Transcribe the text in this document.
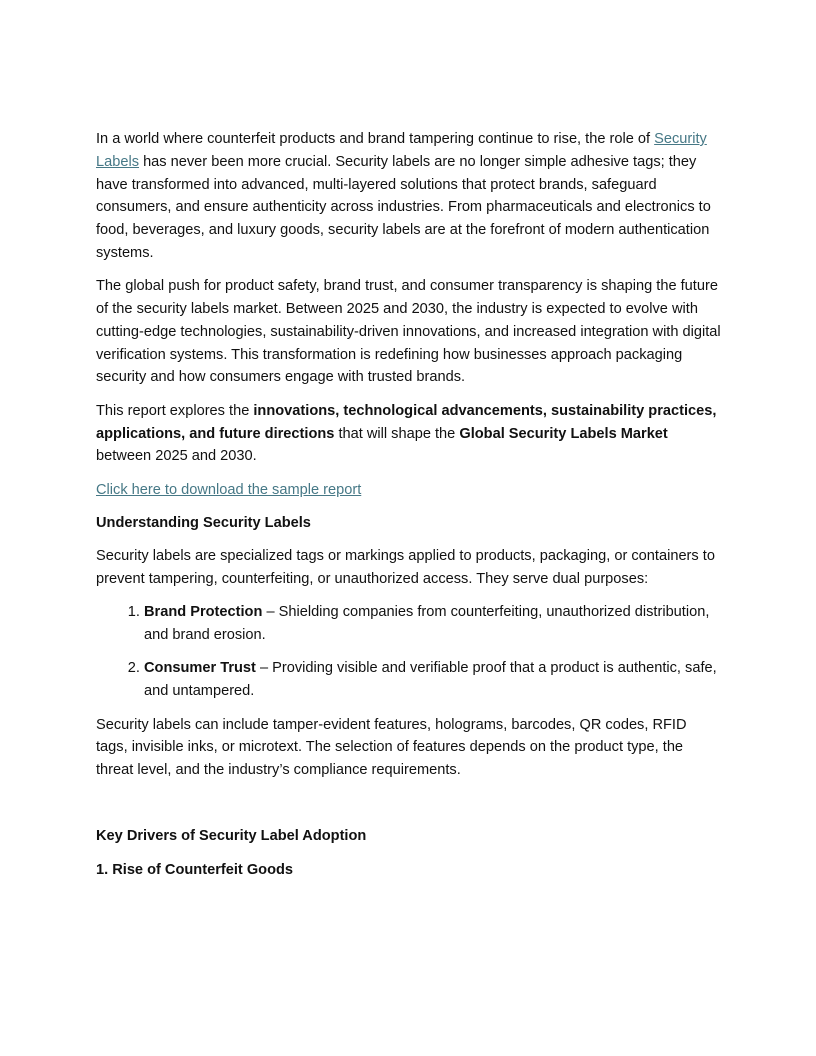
In a world where counterfeit products and brand tampering continue to rise, the role of Security Labels has never been more crucial. Security labels are no longer simple adhesive tags; they have transformed into advanced, multi-layered solutions that protect brands, safeguard consumers, and ensure authenticity across industries. From pharmaceuticals and electronics to food, beverages, and luxury goods, security labels are at the forefront of modern authentication systems.

The global push for product safety, brand trust, and consumer transparency is shaping the future of the security labels market. Between 2025 and 2030, the industry is expected to evolve with cutting-edge technologies, sustainability-driven innovations, and increased integration with digital verification systems. This transformation is redefining how businesses approach packaging security and how consumers engage with trusted brands.

This report explores the innovations, technological advancements, sustainability practices, applications, and future directions that will shape the Global Security Labels Market between 2025 and 2030.

Click here to download the sample report

Understanding Security Labels

Security labels are specialized tags or markings applied to products, packaging, or containers to prevent tampering, counterfeiting, or unauthorized access. They serve dual purposes:

1. Brand Protection – Shielding companies from counterfeiting, unauthorized distribution, and brand erosion.
2. Consumer Trust – Providing visible and verifiable proof that a product is authentic, safe, and untampered.

Security labels can include tamper-evident features, holograms, barcodes, QR codes, RFID tags, invisible inks, or microtext. The selection of features depends on the product type, the threat level, and the industry’s compliance requirements.

Key Drivers of Security Label Adoption

1. Rise of Counterfeit Goods
